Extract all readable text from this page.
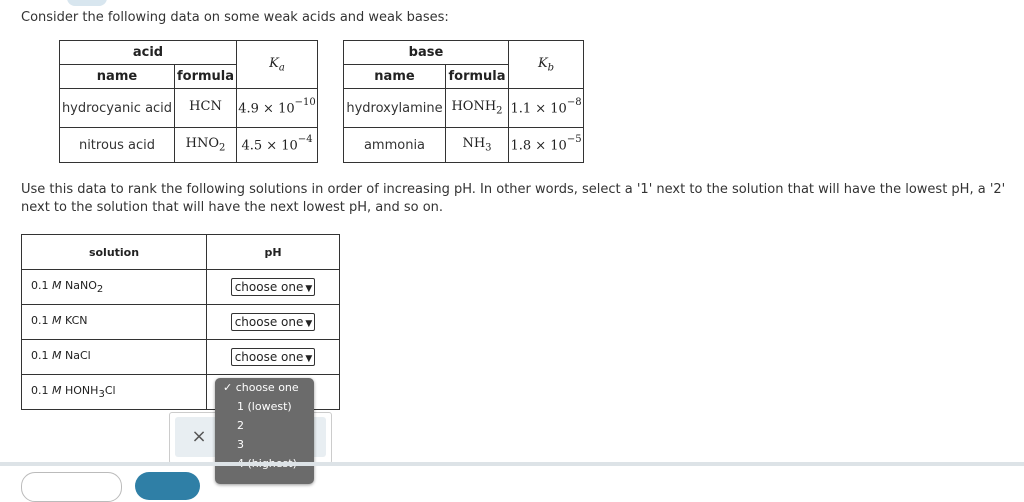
Consider the following data on some weak acids and weak bases:
acid		$K_a$
name	formula	
hydrocyanic acid	HCN	$4.9 \times 10^{-10}$
nitrous acid	$HNO_2$	$4.5 \times 10^{-4}$
base		$K_b$
name	formula	
hydroxylamine	$HONH_2$	$1.1 \times 10^{-8}$
ammonia	$NH_3$	$1.8 \times 10^{-5}$
Use this data to rank the following solutions in order of increasing pH. In other words, select a '1' next to the solution that will have the lowest pH, a '2' next to the solution that will have the next lowest pH, and so on.
solution	pH
0.1 M NaNO$_2$	choose one ▼
0.1 M KCN	choose one ▼
0.1 M NaCl	choose one ▼
0.1 M $HONH_3Cl$	
×
✓ choose one
1 (lowest)
2
3
